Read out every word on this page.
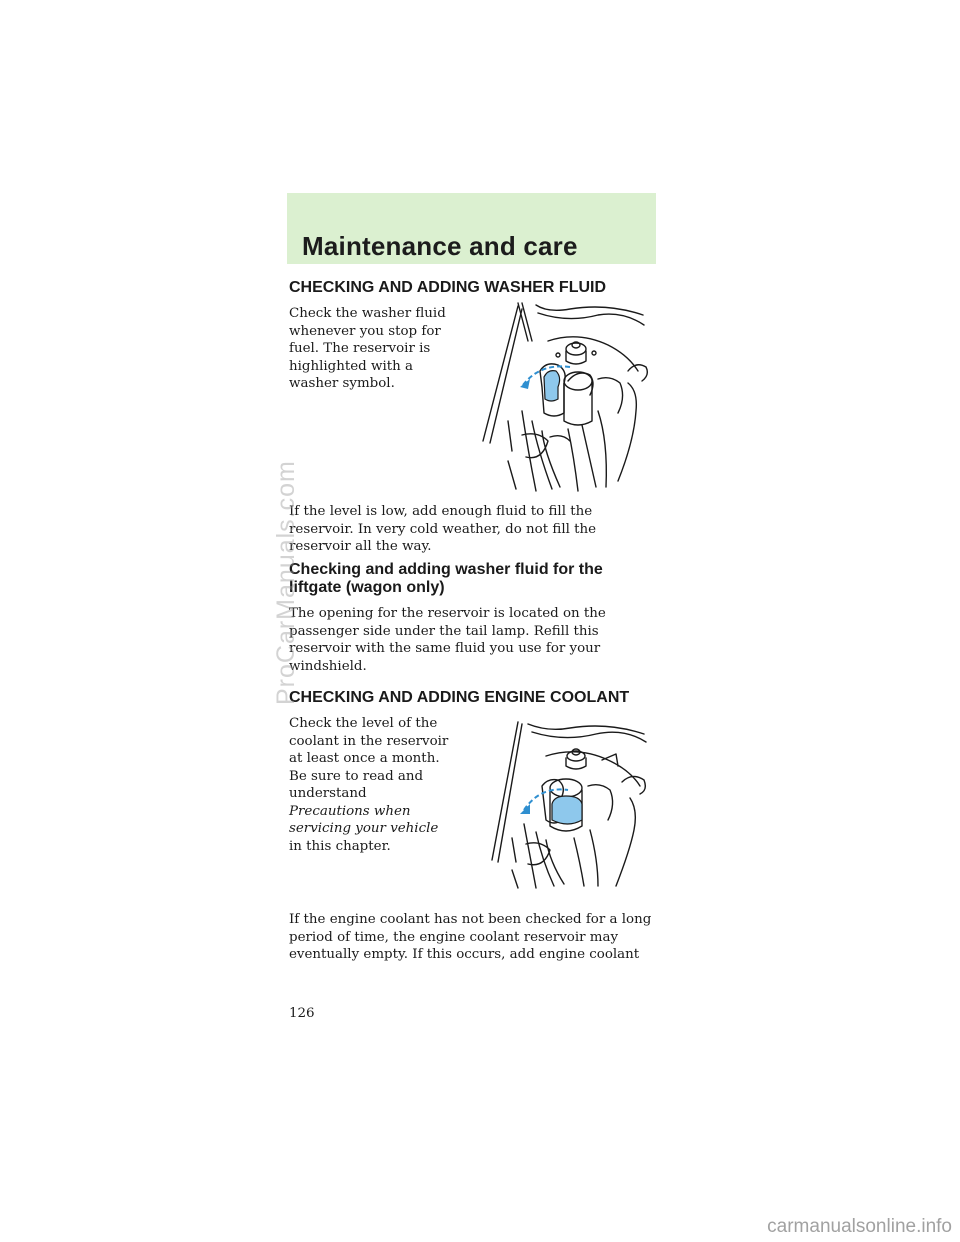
Maintenance and care
CHECKING AND ADDING WASHER FLUID

Check the washer fluid whenever you stop for fuel. The reservoir is highlighted with a washer symbol.

If the level is low, add enough fluid to fill the reservoir. In very cold weather, do not fill the reservoir all the way.

Checking and adding washer fluid for the liftgate (wagon only)

The opening for the reservoir is located on the passenger side under the tail lamp. Refill this reservoir with the same fluid you use for your windshield.

CHECKING AND ADDING ENGINE COOLANT

Check the level of the coolant in the reservoir at least once a month. Be sure to read and understand
Precautions when servicing your vehicle
in this chapter.

If the engine coolant has not been checked for a long period of time, the engine coolant reservoir may eventually empty. If this occurs, add engine coolant

126
ProCarManuals.com
carmanualsonline.info
